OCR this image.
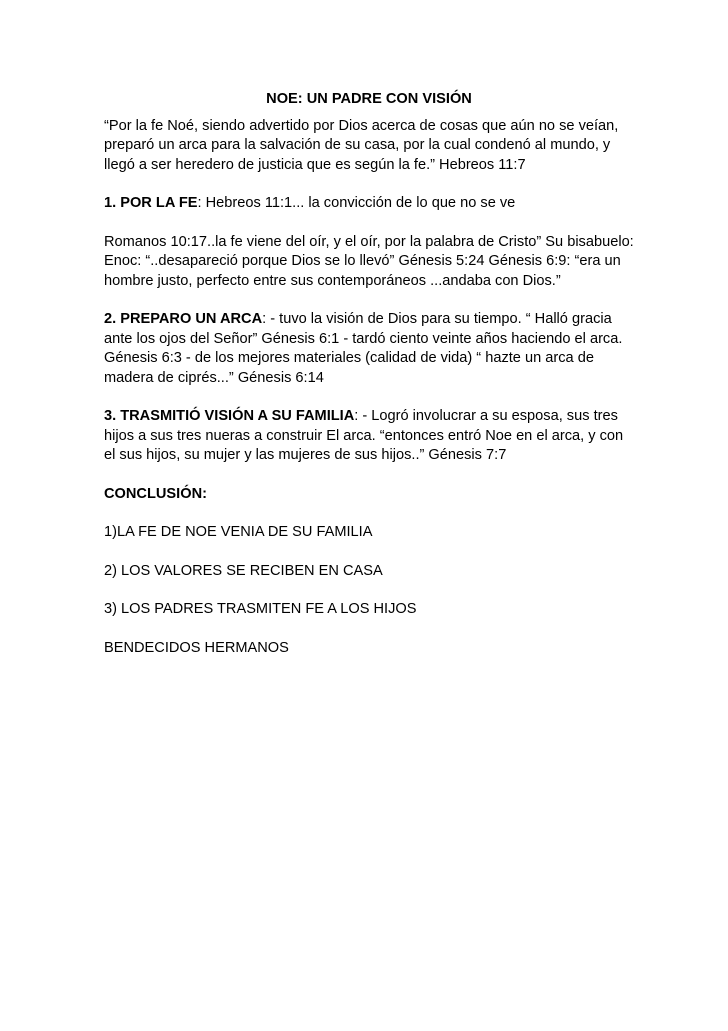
NOE: UN PADRE CON VISIÓN
“Por la fe Noé, siendo advertido por Dios acerca de cosas que aún no se veían, preparó un arca para la salvación de su casa, por la cual condenó al mundo, y llegó a ser heredero de justicia que es según la fe.” Hebreos 11:7
1. POR LA FE: Hebreos 11:1... la convicción de lo que no se ve
Romanos 10:17..la fe viene del oír, y el oír, por la palabra de Cristo” Su bisabuelo: Enoc: “..desapareció porque Dios se lo llevó” Génesis 5:24 Génesis 6:9: “era un hombre justo, perfecto entre sus contemporáneos ...andaba con Dios.”
2. PREPARO UN ARCA: - tuvo la visión de Dios para su tiempo. “ Halló gracia ante los ojos del Señor” Génesis 6:1 - tardó ciento veinte años haciendo el arca. Génesis 6:3 - de los mejores materiales (calidad de vida) “ hazte un arca de madera de ciprés...” Génesis 6:14
3. TRASMITIÓ VISIÓN A SU FAMILIA: - Logró involucrar a su esposa, sus tres hijos a sus tres nueras a construir El arca. “entonces entró Noe en el arca, y con el sus hijos, su mujer y las mujeres de sus hijos..” Génesis 7:7
CONCLUSIÓN:
1)LA FE DE NOE VENIA DE SU FAMILIA
2) LOS VALORES SE RECIBEN EN CASA
3) LOS PADRES TRASMITEN FE A LOS HIJOS
BENDECIDOS HERMANOS
